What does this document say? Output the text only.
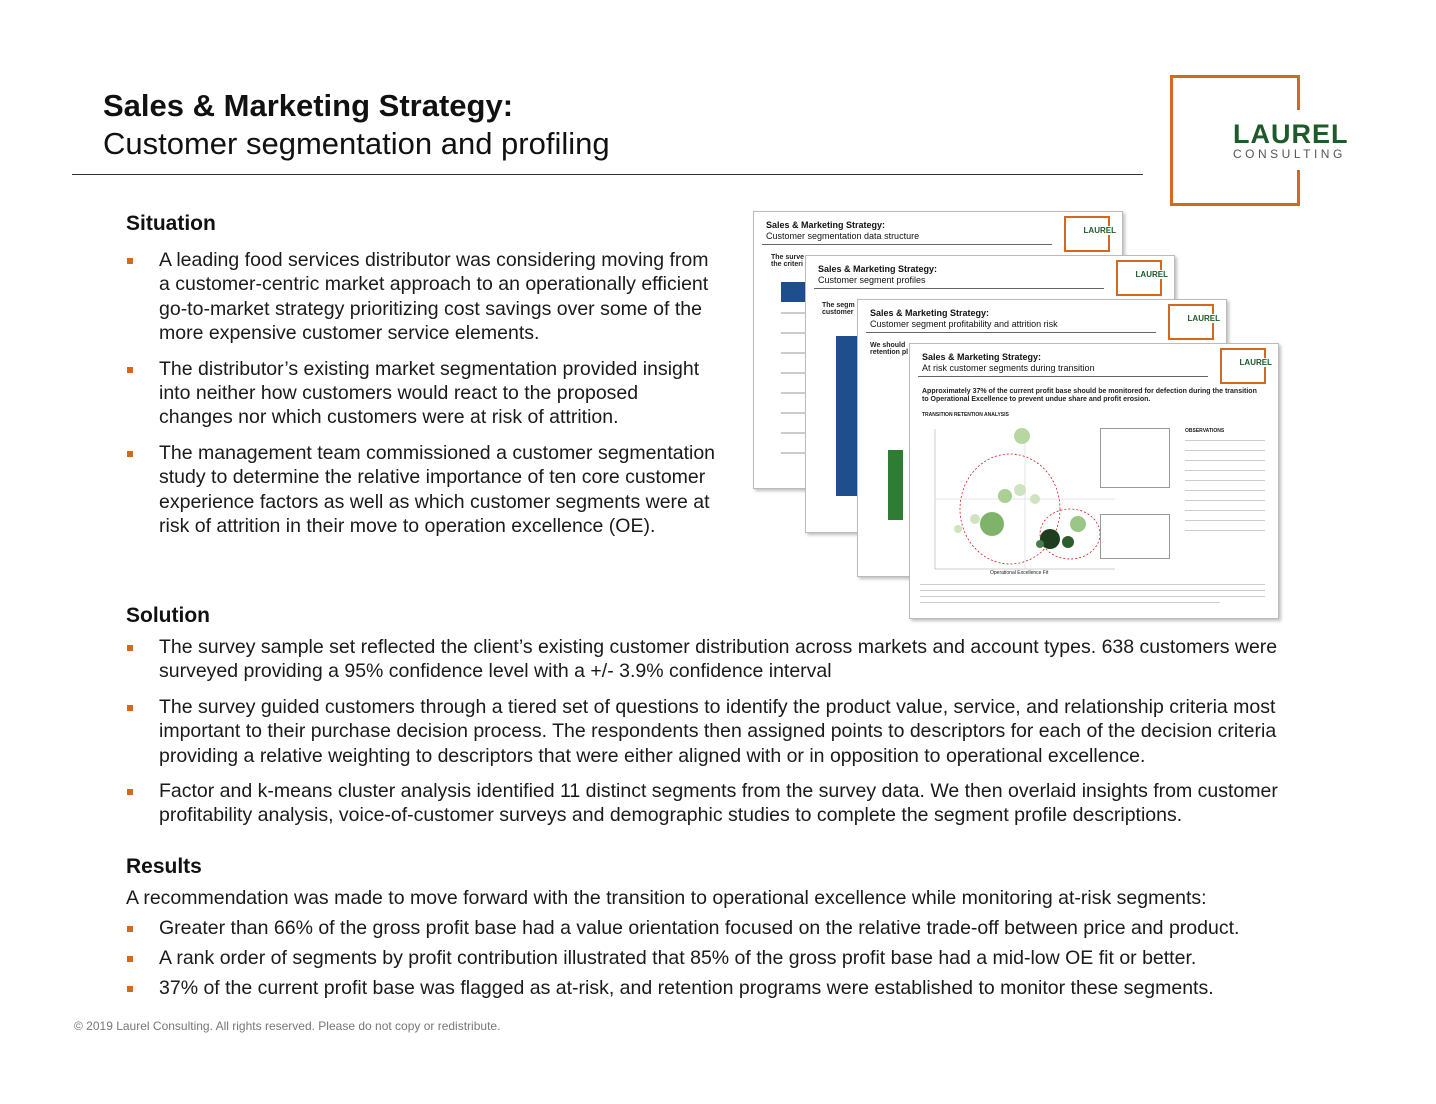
Sales & Marketing Strategy:
Customer segmentation and profiling	LAUREL
CONSULTING
Situation
A leading food services distributor was considering moving from a customer-centric market approach to an operationally efficient go-to-market strategy prioritizing cost savings over some of the more expensive customer service elements.
The distributor’s existing market segmentation provided insight into neither how customers would react to the proposed changes nor which customers were at risk of attrition.
The management team commissioned a customer segmentation study to determine the relative importance of ten core customer experience factors as well as which customer segments were at risk of attrition in their move to operation excellence (OE).
Sales & Marketing Strategy:
Customer segmentation data structure
LAUREL
The surve the criteri	Sales & Marketing Strategy:
Customer segment profiles
LAUREL
The segm customer	Sales & Marketing Strategy:
Customer segment profitability and attrition risk
LAUREL
We should retention pl	Sales & Marketing Strategy:
At risk customer segments during transition
LAUREL
Approximately 37% of the current profit base should be monitored for defection during the transition to Operational Excellence to prevent undue share and profit erosion.
TRANSITION RETENTION ANALYSIS
OBSERVATIONS
Operational Excellence Fit
Solution
The survey sample set reflected the client’s existing customer distribution across markets and account types. 638 customers were surveyed providing a 95% confidence level with a +/- 3.9% confidence interval
The survey guided customers through a tiered set of questions to identify the product value, service, and relationship criteria most important to their purchase decision process. The respondents then assigned points to descriptors for each of the decision criteria providing a relative weighting to descriptors that were either aligned with or in opposition to operational excellence.
Factor and k-means cluster analysis identified 11 distinct segments from the survey data. We then overlaid insights from customer profitability analysis, voice-of-customer surveys and demographic studies to complete the segment profile descriptions.
Results
A recommendation was made to move forward with the transition to operational excellence while monitoring at-risk segments:
Greater than 66% of the gross profit base had a value orientation focused on the relative trade-off between price and product.
A rank order of segments by profit contribution illustrated that 85% of the gross profit base had a mid-low OE fit or better.
37% of the current profit base was flagged as at-risk, and retention programs were established to monitor these segments.
© 2019 Laurel Consulting. All rights reserved. Please do not copy or redistribute.
